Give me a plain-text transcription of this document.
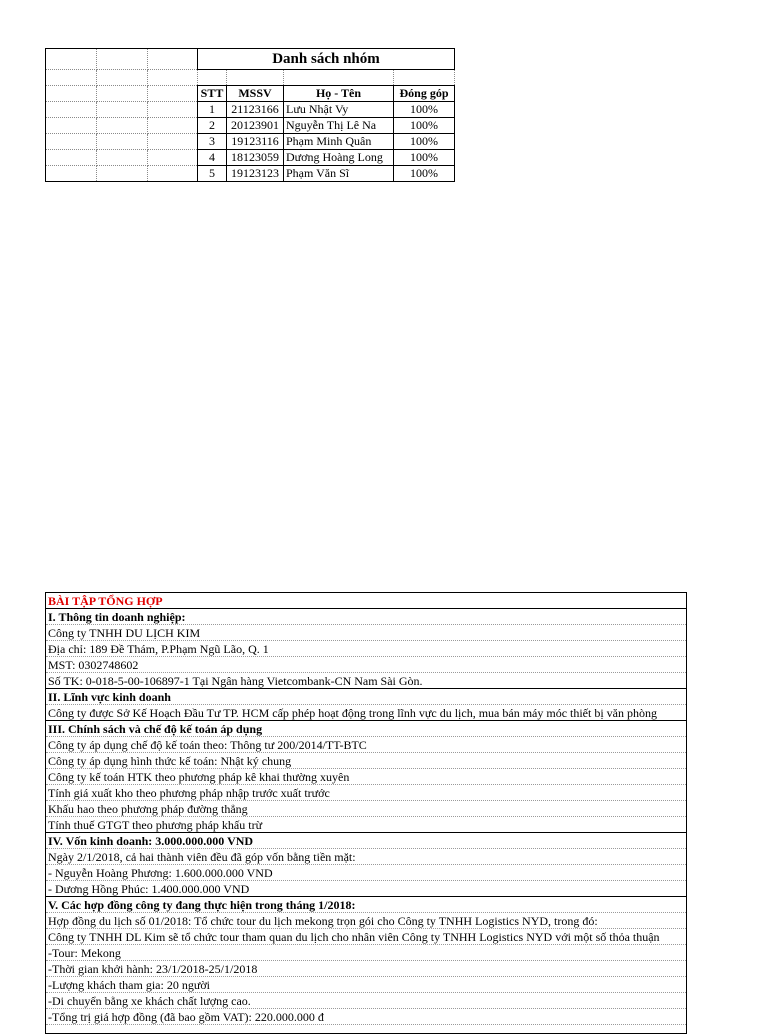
			Danh sách nhóm			

			STT	MSSV	Họ - Tên	Đóng góp
			1	21123166	Lưu Nhật Vy	100%
			2	20123901	Nguyễn Thị Lê Na	100%
			3	19123116	Phạm Minh Quân	100%
			4	18123059	Dương Hoàng Long	100%
			5	19123123	Phạm Văn Sĩ	100%
BÀI TẬP TỔNG HỢP
I. Thông tin doanh nghiệp:
Công ty TNHH DU LỊCH KIM
Địa chỉ: 189 Đề Thám, P.Phạm Ngũ Lão, Q. 1
MST: 0302748602
Số TK: 0-018-5-00-106897-1 Tại Ngân hàng Vietcombank-CN Nam Sài Gòn.
II. Lĩnh vực kinh doanh
Công ty được Sở Kế Hoạch Đầu Tư TP. HCM cấp phép hoạt động trong lĩnh vực du lịch, mua bán máy móc thiết bị văn phòng
III. Chính sách và chế độ kế toán áp dụng
Công ty áp dụng chế độ kế toán theo: Thông tư 200/2014/TT-BTC
Công ty áp dụng hình thức kế toán: Nhật ký chung
Công ty kế toán HTK theo phương pháp kê khai thường xuyên
Tính giá xuất kho theo phương pháp nhập trước xuất trước
Khấu hao theo phương pháp đường thẳng
Tính thuế GTGT theo phương pháp khấu trừ
IV. Vốn kinh doanh: 3.000.000.000 VND
Ngày 2/1/2018, cả hai thành viên đều đã góp vốn bằng tiền mặt:
- Nguyễn Hoàng Phương: 1.600.000.000 VND
- Dương Hồng Phúc: 1.400.000.000 VND
V. Các hợp đồng công ty đang thực hiện trong tháng 1/2018:
Hợp đồng du lịch số 01/2018: Tổ chức tour du lịch mekong trọn gói cho Công ty TNHH Logistics NYD, trong đó:
Công ty TNHH DL Kim sẽ tổ chức tour tham quan du lịch cho nhân viên Công ty TNHH Logistics NYD với một số thỏa thuận
-Tour: Mekong
-Thời gian khởi hành: 23/1/2018-25/1/2018
-Lượng khách tham gia: 20 người
-Di chuyển bằng xe khách chất lượng cao.
-Tổng trị giá hợp đồng (đã bao gồm VAT): 220.000.000 đ
